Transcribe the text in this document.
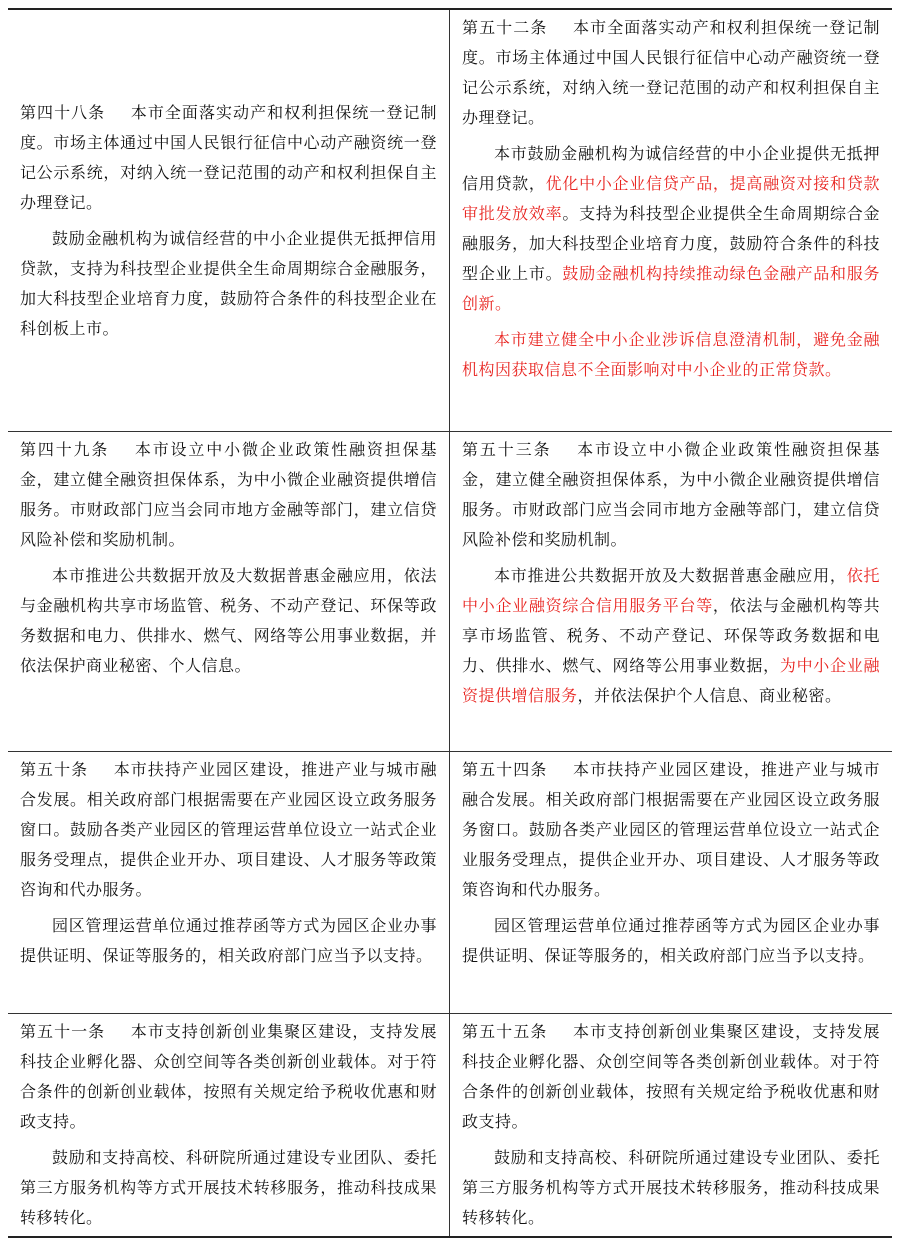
第四十八条 本市全面落实动产和权利担保统一登记制度。市场主体通过中国人民银行征信中心动产融资统一登记公示系统，对纳入统一登记范围的动产和权利担保自主办理登记。

鼓励金融机构为诚信经营的中小企业提供无抵押信用贷款，支持为科技型企业提供全生命周期综合金融服务，加大科技型企业培育力度，鼓励符合条件的科技型企业在科创板上市。

第五十二条 本市全面落实动产和权利担保统一登记制度。市场主体通过中国人民银行征信中心动产融资统一登记公示系统，对纳入统一登记范围的动产和权利担保自主办理登记。

本市鼓励金融机构为诚信经营的中小企业提供无抵押信用贷款，优化中小企业信贷产品，提高融资对接和贷款审批发放效率。支持为科技型企业提供全生命周期综合金融服务，加大科技型企业培育力度，鼓励符合条件的科技型企业上市。鼓励金融机构持续推动绿色金融产品和服务创新。

本市建立健全中小企业涉诉信息澄清机制，避免金融机构因获取信息不全面影响对中小企业的正常贷款。

第四十九条 本市设立中小微企业政策性融资担保基金，建立健全融资担保体系，为中小微企业融资提供增信服务。市财政部门应当会同市地方金融等部门，建立信贷风险补偿和奖励机制。

本市推进公共数据开放及大数据普惠金融应用，依法与金融机构共享市场监管、税务、不动产登记、环保等政务数据和电力、供排水、燃气、网络等公用事业数据，并依法保护商业秘密、个人信息。

第五十三条 本市设立中小微企业政策性融资担保基金，建立健全融资担保体系，为中小微企业融资提供增信服务。市财政部门应当会同市地方金融等部门，建立信贷风险补偿和奖励机制。

本市推进公共数据开放及大数据普惠金融应用，依托中小企业融资综合信用服务平台等，依法与金融机构等共享市场监管、税务、不动产登记、环保等政务数据和电力、供排水、燃气、网络等公用事业数据，为中小企业融资提供增信服务，并依法保护个人信息、商业秘密。

第五十条 本市扶持产业园区建设，推进产业与城市融合发展。相关政府部门根据需要在产业园区设立政务服务窗口。鼓励各类产业园区的管理运营单位设立一站式企业服务受理点，提供企业开办、项目建设、人才服务等政策咨询和代办服务。

园区管理运营单位通过推荐函等方式为园区企业办事提供证明、保证等服务的，相关政府部门应当予以支持。

第五十四条 本市扶持产业园区建设，推进产业与城市融合发展。相关政府部门根据需要在产业园区设立政务服务窗口。鼓励各类产业园区的管理运营单位设立一站式企业服务受理点，提供企业开办、项目建设、人才服务等政策咨询和代办服务。

园区管理运营单位通过推荐函等方式为园区企业办事提供证明、保证等服务的，相关政府部门应当予以支持。

第五十一条 本市支持创新创业集聚区建设，支持发展科技企业孵化器、众创空间等各类创新创业载体。对于符合条件的创新创业载体，按照有关规定给予税收优惠和财政支持。

鼓励和支持高校、科研院所通过建设专业团队、委托第三方服务机构等方式开展技术转移服务，推动科技成果转移转化。

第五十五条 本市支持创新创业集聚区建设，支持发展科技企业孵化器、众创空间等各类创新创业载体。对于符合条件的创新创业载体，按照有关规定给予税收优惠和财政支持。

鼓励和支持高校、科研院所通过建设专业团队、委托第三方服务机构等方式开展技术转移服务，推动科技成果转移转化。
